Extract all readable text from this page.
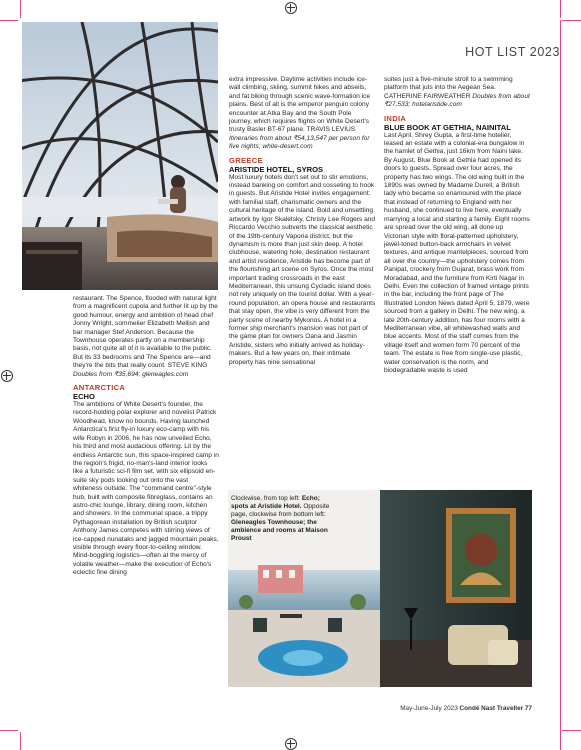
HOT LIST 2023

restaurant. The Spence, flooded with natural light from a magnificent cupola and further lit up by the good humour, energy and ambition of head chef Jonny Wright, sommelier Elizabeth Mellish and bar manager Stef Anderson. Because the Townhouse operates partly on a membership basis, not quite all of it is available to the public. But its 33 bedrooms and The Spence are—and they're the bits that really count. STEVE KING Doubles from ₹35,694; gleneagles.com

ANTARCTICA

ECHO

The ambitions of White Desert's founder, the record-holding polar explorer and novelist Patrick Woodhead, know no bounds. Having launched Antarctica's first fly-in luxury eco-camp with his wife Robyn in 2006, he has now unveiled Echo, his third and most audacious offering. Lit by the endless Antarctic sun, this space-inspired camp in the region's frigid, no-man's-land interior looks like a futuristic sci-fi film set, with six ellipsoid en-suite sky pods looking out onto the vast whiteness outside. The "command centre"-style hub, built with composite fibreglass, contains an astro-chic lounge, library, dining room, kitchen and showers. In the communal space, a trippy Pythagorean installation by British sculptor Anthony James competes with stirring views of ice-capped nunataks and jagged mountain peaks, visible through every floor-to-ceiling window. Mind-boggling logistics—often at the mercy of volatile weather—make the execution of Echo's eclectic fine dining

extra impressive. Daytime activities include ice-wall climbing, skiing, summit hikes and abseils, and fat biking through scenic wave-formation ice plains. Best of all is the emperor penguin colony encounter at Atka Bay and the South Pole journey, which requires flights on White Desert's trusty Basler BT-67 plane. TRAVIS LEVIUS Itineraries from about ₹54,13,547 per person for five nights; white-desert.com

GREECE

ARISTIDE HOTEL, SYROS

Most luxury hotels don't set out to stir emotions, instead banking on comfort and cosseting to hook in guests. But Aristide Hotel invites engagement: with familial staff, charismatic owners and the cultural heritage of the island. Bold and unsettling artwork by Igor Skaletsky, Christy Lee Rogers and Riccardo Vecchio subverts the classical aesthetic of the 19th-century Vaporia district, but the dynamism is more than just skin deep. A hotel clubhouse, watering hole, destination restaurant and artist residence, Aristide has become part of the flourishing art scene on Syros. Once the most important trading crossroads in the east Mediterranean, this unsung Cycladic island does not rely uniquely on the tourist dollar. With a year-round population, an opera house and restaurants that stay open, the vibe is very different from the party scene of nearby Mykonos. A hotel in a former ship merchant's mansion was not part of the game plan for owners Oana and Jasmin Aristide, sisters who initially arrived as holiday-makers. But a few years on, their intimate property has nine sensational

suites just a five-minute stroll to a swimming platform that juts into the Aegean Sea. CATHERINE FAIRWEATHER Doubles from about ₹27,533; hotelaristide.com

INDIA

BLUE BOOK AT GETHIA, NAINITAL

Last April, Shrey Gupta, a first-time hotelier, leased an estate with a colonial-era bungalow in the hamlet of Gethia, just 16km from Naini lake. By August, Blue Book at Gethia had opened its doors to guests. Spread over four acres, the property has two wings. The old wing built in the 1890s was owned by Madame Durell, a British lady who became so enamoured with the place that instead of returning to England with her husband, she continued to live here, eventually marrying a local and starting a family. Eight rooms are spread over the old wing, all done up Victorian style with floral-patterned upholstery, jewel-toned button-back armchairs in velvet textures, and antique mantelpieces, sourced from all over the country—the upholstery comes from Panipat, crockery from Gujarat, brass work from Moradabad, and the furniture from Kirti Nagar in Delhi. Even the collection of framed vintage prints in the bar, including the front page of The Illustrated London News dated April 5, 1879, were sourced from a gallery in Delhi. The new wing, a late 20th-century addition, has four rooms with a Mediterranean vibe, all whitewashed walls and blue accents. Most of the staff comes from the village itself and women form 70 percent of the team. The estate is free from single-use plastic, water conservation is the norm, and biodegradable waste is used

Clockwise, from top left: Echo; spots at Aristide Hotel. Opposite page, clockwise from bottom left: Gleneagles Townhouse; the ambience and rooms at Maison Proust
May-June-July 2023 Condé Nast Traveller 77
